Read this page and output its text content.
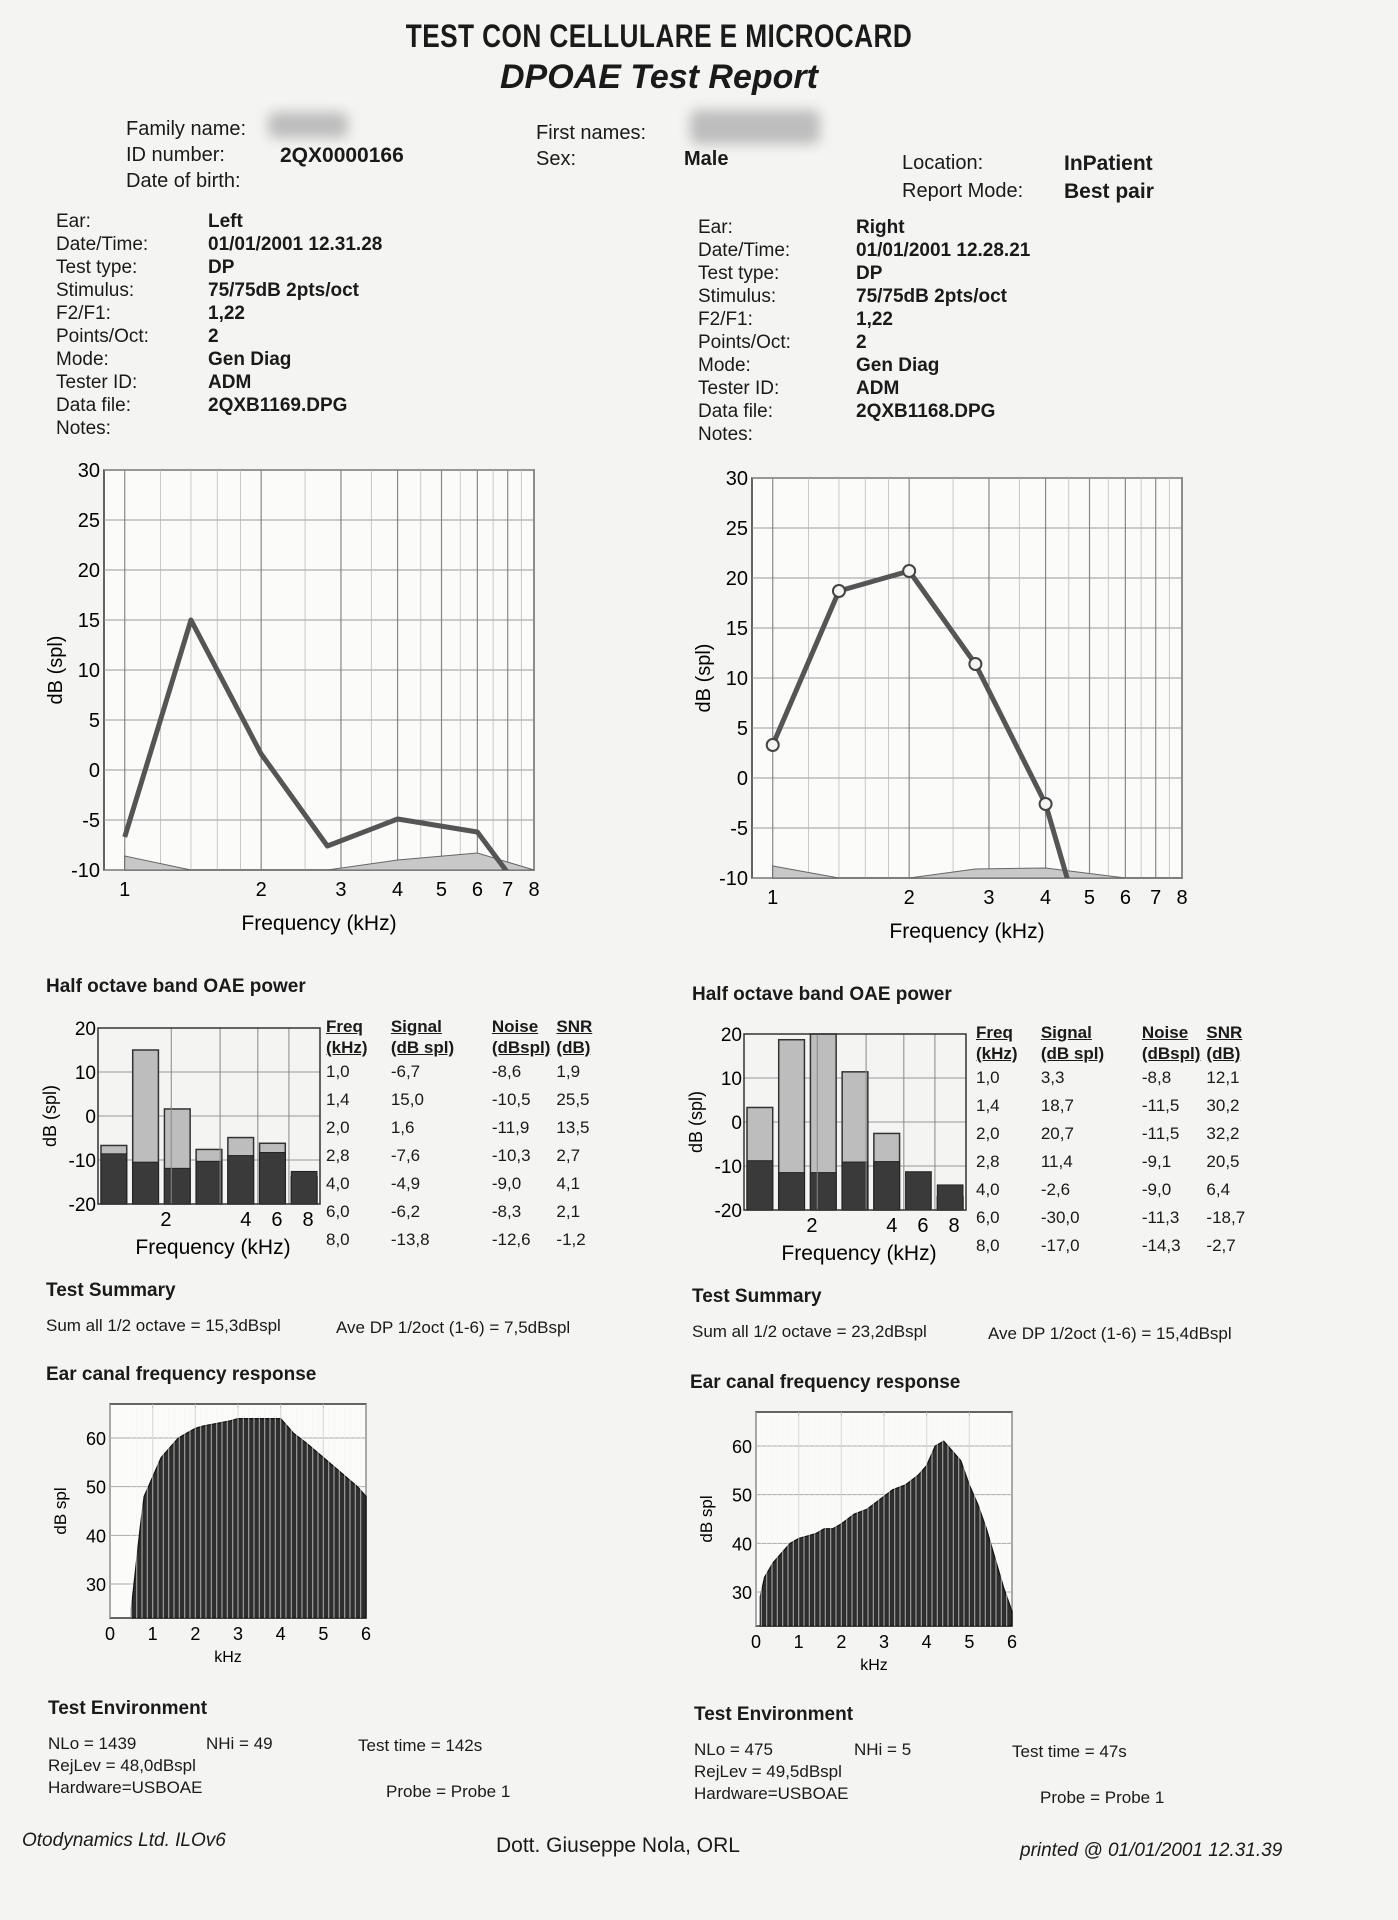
TEST CON CELLULARE E MICROCARD
DPOAE Test Report
Family name:
ID number:	2QX0000166
Date of birth:
First names:
Sex:	Male	Location:	InPatient
Report Mode: Best pair
Ear:	Left
Date/Time:	01/01/2001 12.31.28
Test type:	DP
Stimulus:	75/75dB 2pts/oct
F2/F1:	1,22
Points/Oct:	2
Mode:	Gen Diag
Tester ID:	ADM
Data file:	2QXB1169.DPG
Notes:
Ear:	Right
Date/Time:	01/01/2001 12.28.21
Test type:	DP
Stimulus:	75/75dB 2pts/oct
F2/F1:	1,22
Points/Oct:	2
Mode:	Gen Diag
Tester ID:	ADM
Data file:	2QXB1168.DPG
Notes:
-10
-5
0
5
10
15
20
25
30
1	2	3 4 5 6 7 8
Frequency (kHz)
dB (spl)
-10
-5
0
5
10
15
20
25
30
1	2	3 4 5 6 7 8
Frequency (kHz)
dB (spl)
Half octave band OAE power
-20
-10
0
10
20
2	4 6 8
Frequency (kHz)
dB (spl)
Freq	Signal	Noise	SNR
(kHz)	(dB spl)	(dBspl)	(dB)
1,0	-6,7	-8,6	1,9
1,4	15,0	-10,5	25,5
2,0	1,6	-11,9	13,5
2,8	-7,6	-10,3	2,7
4,0	-4,9	-9,0	4,1
6,0	-6,2	-8,3	2,1
8,0	-13,8	-12,6	-1,2
Test Summary
Sum all 1/2 octave = 15,3dBspl	Ave DP 1/2oct (1-6) = 7,5dBspl
Ear canal frequency response
30
40
50
60
0 1 2 3 4 5 6
kHz
dB spl
Half octave band OAE power
-20
-10
0
10
20
2	4 6 8
Frequency (kHz)
dB (spl)
Freq	Signal	Noise	SNR
(kHz)	(dB spl)	(dBspl)	(dB)
1,0	3,3	-8,8	12,1
1,4	18,7	-11,5	30,2
2,0	20,7	-11,5	32,2
2,8	11,4	-9,1	20,5
4,0	-2,6	-9,0	6,4
6,0	-30,0	-11,3	-18,7
8,0	-17,0	-14,3	-2,7
Test Summary
Sum all 1/2 octave = 23,2dBspl	Ave DP 1/2oct (1-6) = 15,4dBspl
Ear canal frequency response
30
40
50
60
0 1 2 3 4 5 6
kHz
dB spl
Test Environment
NLo = 1439	NHi = 49	Test time = 142s
RejLev = 48,0dBspl
Hardware=USBOAE	Probe = Probe 1
Test Environment
NLo = 475	NHi = 5	Test time = 47s
RejLev = 49,5dBspl
Hardware=USBOAE	Probe = Probe 1
Otodynamics Ltd. ILOv6	Dott. Giuseppe Nola, ORL	printed @ 01/01/2001 12.31.39
